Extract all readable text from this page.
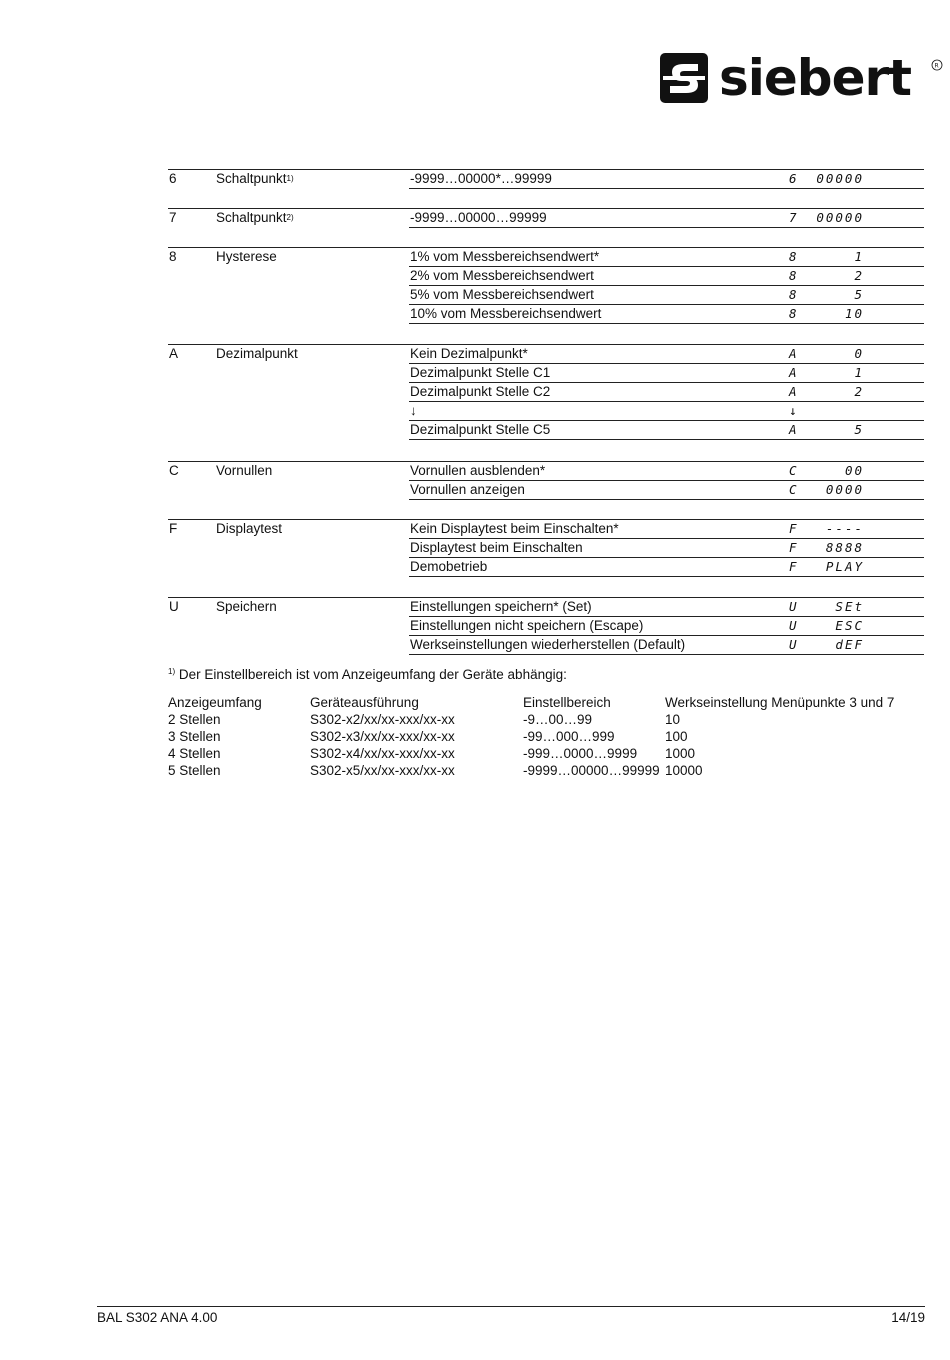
siebert	R
6	Schaltpunkt$^{1)}$	-9999…00000*…99999	6 00000
7	Schaltpunkt$^{2)}$	-9999…00000…99999	7 00000
8	Hysterese	1% vom Messbereichsendwert*	8	1
2% vom Messbereichsendwert	8	2
5% vom Messbereichsendwert	8	5
10% vom Messbereichsendwert	8	10
A	Dezimalpunkt	Kein Dezimalpunkt*	A	0
Dezimalpunkt Stelle C1	A	1
Dezimalpunkt Stelle C2	A	2
↓	↓
Dezimalpunkt Stelle C5	A	5
C	Vornullen	Vornullen ausblenden*	C	00
Vornullen anzeigen	C 0000
F	Displaytest	Kein Displaytest beim Einschalten*	F ----
Displaytest beim Einschalten	F 8888
Demobetrieb	F PLAY
U	Speichern	Einstellungen speichern* (Set)	U	SEt
Einstellungen nicht speichern (Escape)	U	ESC
Werkseinstellungen wiederherstellen (Default)	U	dEF
$^{1)}$ Der Einstellbereich ist vom Anzeigeumfang der Geräte abhängig:
Anzeigeumfang	Geräteausführung	Einstellbereich	Werkseinstellung Menüpunkte 3 und 7
2 Stellen	S302-x2/xx/xx-xxx/xx-xx	-9…00…99	10
3 Stellen	S302-x3/xx/xx-xxx/xx-xx	-99…000…999	100
4 Stellen	S302-x4/xx/xx-xxx/xx-xx	-999…0000…9999	1000
5 Stellen	S302-x5/xx/xx-xxx/xx-xx	-9999…00000…99999	10000
BAL S302 ANA 4.00	14/19
